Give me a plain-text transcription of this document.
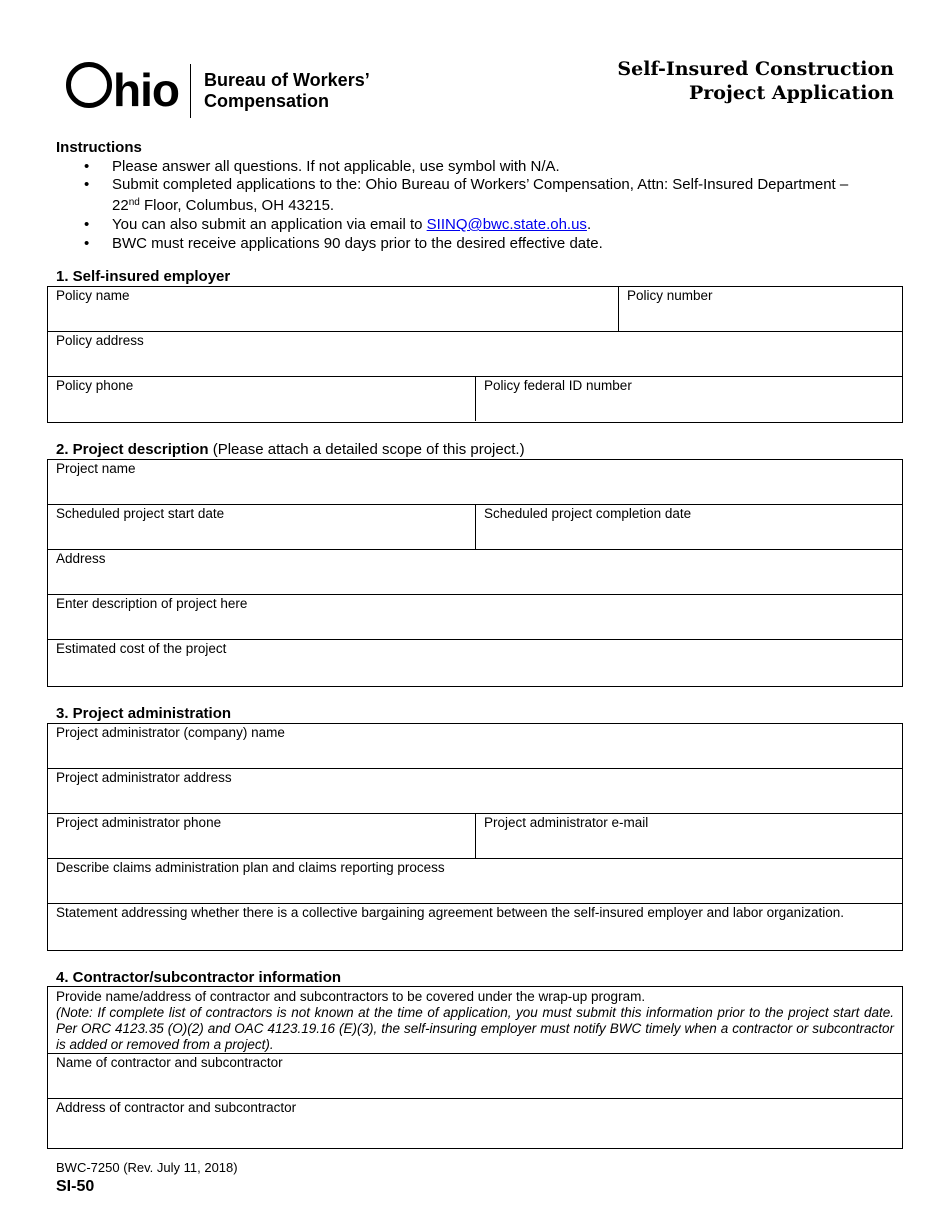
hio Bureau of Workers’
Compensation
Self-Insured Construction
Project Application
Instructions
• Please answer all questions. If not applicable, use symbol with N/A.
• Submit completed applications to the: Ohio Bureau of Workers’ Compensation, Attn: Self-Insured Department –
22nd Floor, Columbus, OH 43215.
• You can also submit an application via email to SIINQ@bwc.state.oh.us.
• BWC must receive applications 90 days prior to the desired effective date.
1. Self-insured employer
Policy name	Policy number
Policy address
Policy phone	Policy federal ID number
2. Project description (Please attach a detailed scope of this project.)
Project name
Scheduled project start date	Scheduled project completion date
Address
Enter description of project here
Estimated cost of the project
3. Project administration
Project administrator (company) name
Project administrator address
Project administrator phone	Project administrator e-mail
Describe claims administration plan and claims reporting process
Statement addressing whether there is a collective bargaining agreement between the self-insured employer and labor organization.
4. Contractor/subcontractor information
Provide name/address of contractor and subcontractors to be covered under the wrap-up program.
(Note: If complete list of contractors is not known at the time of application, you must submit this information prior to the project start date. Per ORC 4123.35 (O)(2) and OAC 4123.19.16 (E)(3), the self-insuring employer must notify BWC timely when a contractor or subcontractor is added or removed from a project).
Name of contractor and subcontractor
Address of contractor and subcontractor
BWC-7250 (Rev. July 11, 2018)
SI-50
